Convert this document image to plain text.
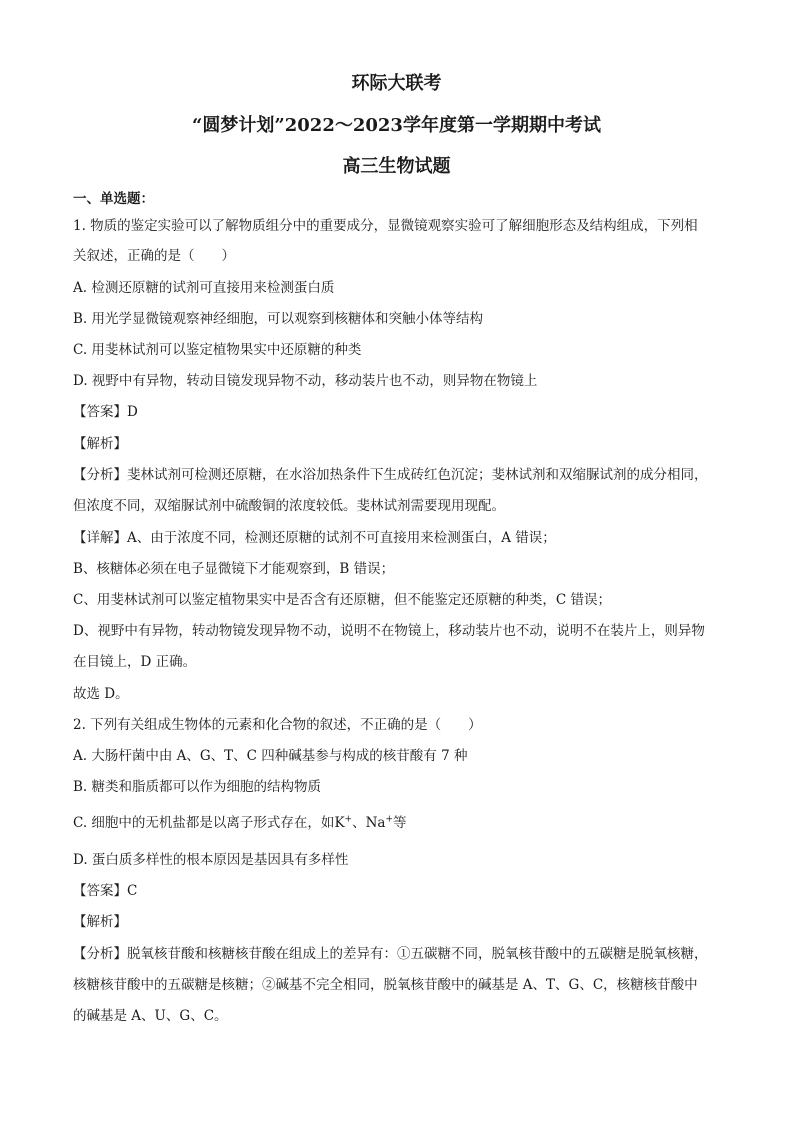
环际大联考
“圆梦计划”2022～2023学年度第一学期期中考试
高三生物试题
一、单选题：
1. 物质的鉴定实验可以了解物质组分中的重要成分，显微镜观察实验可了解细胞形态及结构组成，下列相
关叙述，正确的是（　　）
A. 检测还原糖的试剂可直接用来检测蛋白质
B. 用光学显微镜观察神经细胞，可以观察到核糖体和突触小体等结构
C. 用斐林试剂可以鉴定植物果实中还原糖的种类
D. 视野中有异物，转动目镜发现异物不动，移动装片也不动，则异物在物镜上
【答案】D
【解析】
【分析】斐林试剂可检测还原糖，在水浴加热条件下生成砖红色沉淀；斐林试剂和双缩脲试剂的成分相同，
但浓度不同，双缩脲试剂中硫酸铜的浓度较低。斐林试剂需要现用现配。
【详解】A、由于浓度不同，检测还原糖的试剂不可直接用来检测蛋白，A 错误；
B、核糖体必须在电子显微镜下才能观察到，B 错误；
C、用斐林试剂可以鉴定植物果实中是否含有还原糖，但不能鉴定还原糖的种类，C 错误；
D、视野中有异物，转动物镜发现异物不动，说明不在物镜上，移动装片也不动，说明不在装片上，则异物
在目镜上，D 正确。
故选 D。
2. 下列有关组成生物体的元素和化合物的叙述，不正确的是（　　）
A. 大肠杆菌中由 A、G、T、C 四种碱基参与构成的核苷酸有 7 种
B. 糖类和脂质都可以作为细胞的结构物质
C. 细胞中的无机盐都是以离子形式存在，如K+、Na+等
D. 蛋白质多样性的根本原因是基因具有多样性
【答案】C
【解析】
【分析】脱氧核苷酸和核糖核苷酸在组成上的差异有：①五碳糖不同，脱氧核苷酸中的五碳糖是脱氧核糖，
核糖核苷酸中的五碳糖是核糖；②碱基不完全相同，脱氧核苷酸中的碱基是 A、T、G、C，核糖核苷酸中
的碱基是 A、U、G、C。
